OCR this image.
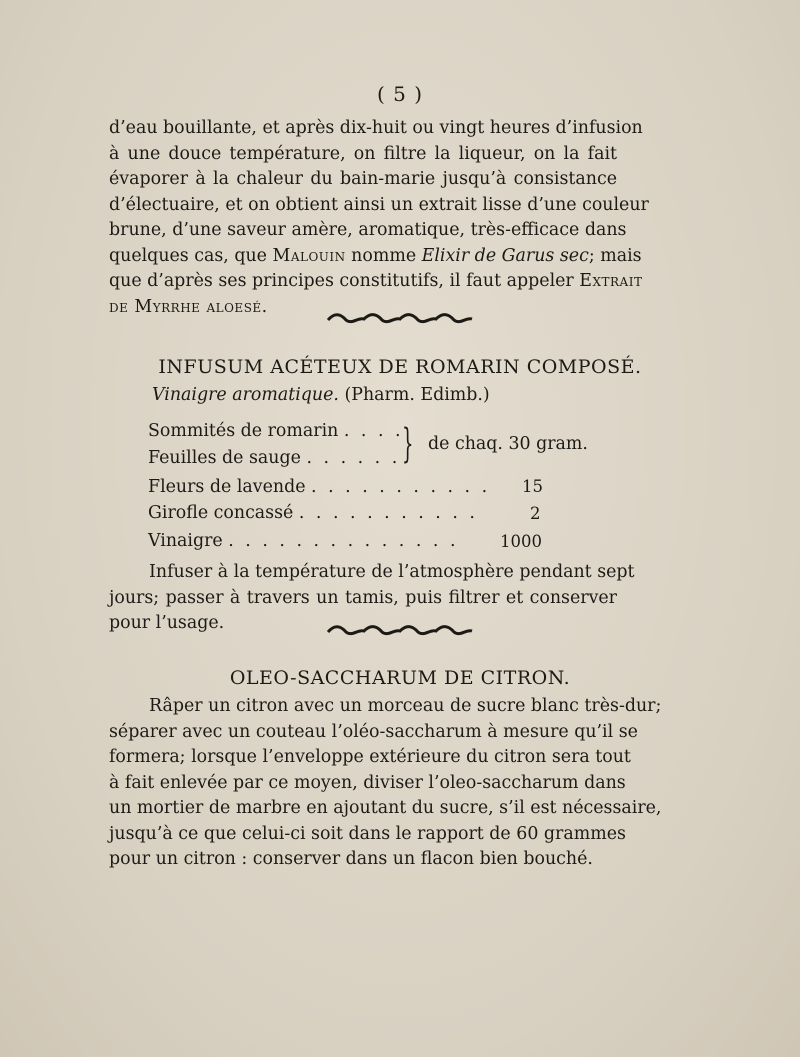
( 5 )
d’eau bouillante, et après dix-huit ou vingt heures d’infusion
à une douce température, on filtre la liqueur, on la fait
évaporer à la chaleur du bain-marie jusqu’à consistance
d’électuaire, et on obtient ainsi un extrait lisse d’une couleur
brune, d’une saveur amère, aromatique, très-efficace dans
quelques cas, que Malouin nomme Elixir de Garus sec; mais
que d’après ses principes constitutifs, il faut appeler Extrait
de Myrrhe aloesé.
INFUSUM ACÉTEUX DE ROMARIN COMPOSÉ.
Vinaigre aromatique. (Pharm. Edimb.)
Sommités de romarin . . . .
Feuilles de sauge . . . . . . } de chaq. 30 gram.
Fleurs de lavende . . . . . . . . . . . 15
Girofle concassé . . . . . . . . . . .	2
Vinaigre . . . . . . . . . . . . . .	1000
Infuser à la température de l’atmosphère pendant sept
jours; passer à travers un tamis, puis filtrer et conserver
pour l’usage.
OLEO-SACCHARUM DE CITRON.
Râper un citron avec un morceau de sucre blanc très-dur;
séparer avec un couteau l’oléo-saccharum à mesure qu’il se
formera; lorsque l’enveloppe extérieure du citron sera tout
à fait enlevée par ce moyen, diviser l’oleo-saccharum dans
un mortier de marbre en ajoutant du sucre, s’il est nécessaire,
jusqu’à ce que celui-ci soit dans le rapport de 60 grammes
pour un citron : conserver dans un flacon bien bouché.
